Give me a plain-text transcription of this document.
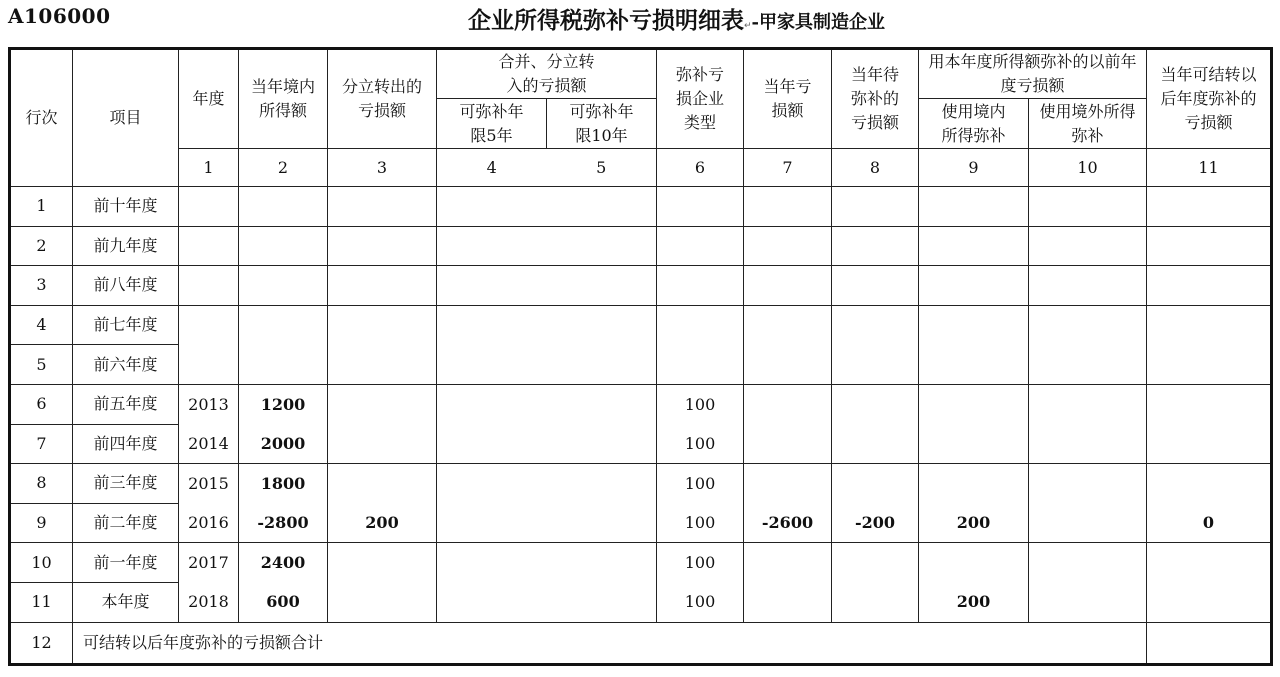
A106000	企业所得税弥补亏损明细表↵-甲家具制造企业
行次	项目	年度	当年境内所得额	分立转出的亏损额	合并、分立转入的亏损额		弥补亏损企业类型	当年亏损额	当年待弥补的亏损额	用本年度所得额弥补的以前年度亏损额		当年可结转以后年度弥补的亏损额
					可弥补年限5年	可弥补年限10年				使用境内所得弥补	使用境外所得弥补	
		1	2	3	4	5	6	7	8	9	10	11
1	前十年度											
2	前九年度											
3	前八年度											
4	前七年度											
5	前六年度											
6	前五年度	2013	1200				100					
7	前四年度	2014	2000				100					
8	前三年度	2015	1800				100					
9	前二年度	2016	-2800	200			100	-2600	-200	200		0
10	前一年度	2017	2400				100					
11	本年度	2018	600				100			200		
12	可结转以后年度弥补的亏损额合计											
